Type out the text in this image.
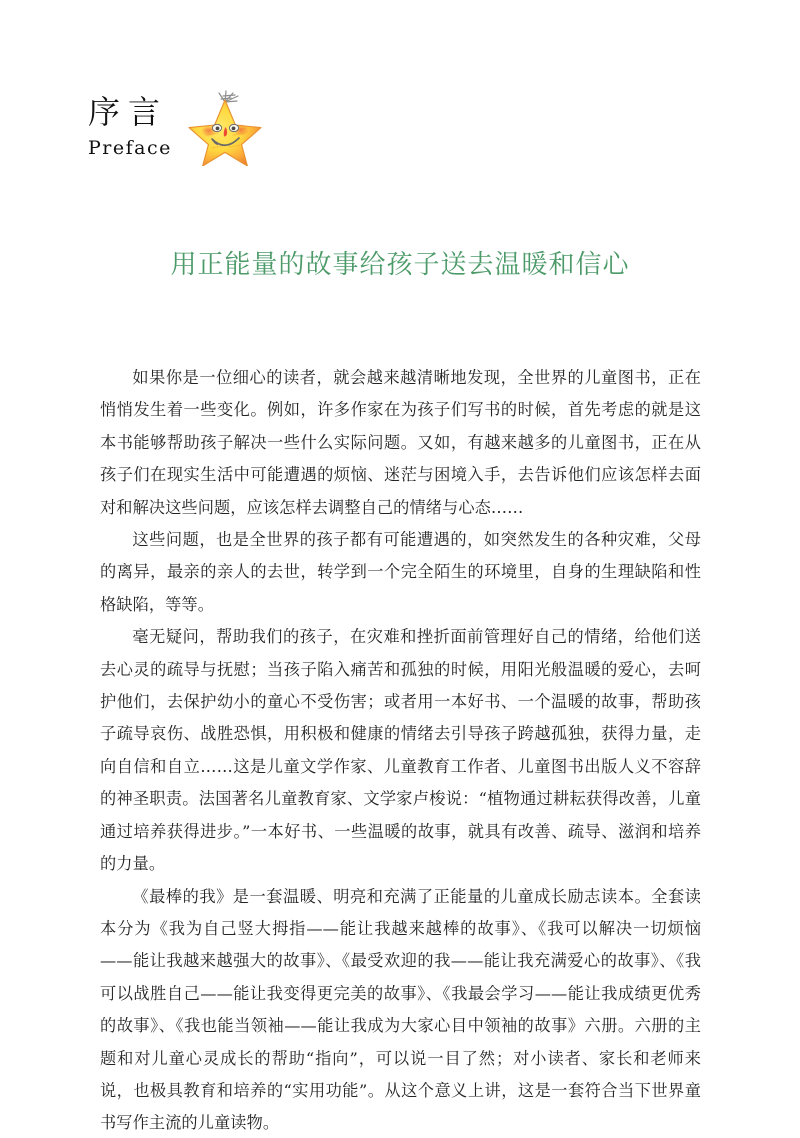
序言
Preface
用正能量的故事给孩子送去温暖和信心

如果你是一位细心的读者，就会越来越清晰地发现，全世界的儿童图书，正在悄悄发生着一些变化。例如，许多作家在为孩子们写书的时候，首先考虑的就是这本书能够帮助孩子解决一些什么实际问题。又如，有越来越多的儿童图书，正在从孩子们在现实生活中可能遭遇的烦恼、迷茫与困境入手，去告诉他们应该怎样去面对和解决这些问题，应该怎样去调整自己的情绪与心态……

这些问题，也是全世界的孩子都有可能遭遇的，如突然发生的各种灾难，父母的离异，最亲的亲人的去世，转学到一个完全陌生的环境里，自身的生理缺陷和性格缺陷，等等。

毫无疑问，帮助我们的孩子，在灾难和挫折面前管理好自己的情绪，给他们送去心灵的疏导与抚慰；当孩子陷入痛苦和孤独的时候，用阳光般温暖的爱心，去呵护他们，去保护幼小的童心不受伤害；或者用一本好书、一个温暖的故事，帮助孩子疏导哀伤、战胜恐惧，用积极和健康的情绪去引导孩子跨越孤独，获得力量，走向自信和自立……这是儿童文学作家、儿童教育工作者、儿童图书出版人义不容辞的神圣职责。法国著名儿童教育家、文学家卢梭说：“植物通过耕耘获得改善，儿童通过培养获得进步。”一本好书、一些温暖的故事，就具有改善、疏导、滋润和培养的力量。

《最棒的我》是一套温暖、明亮和充满了正能量的儿童成长励志读本。全套读本分为《我为自己竖大拇指——能让我越来越棒的故事》、《我可以解决一切烦恼——能让我越来越强大的故事》、《最受欢迎的我——能让我充满爱心的故事》、《我可以战胜自己——能让我变得更完美的故事》、《我最会学习——能让我成绩更优秀的故事》、《我也能当领袖——能让我成为大家心目中领袖的故事》六册。六册的主题和对儿童心灵成长的帮助“指向”，可以说一目了然；对小读者、家长和老师来说，也极具教育和培养的“实用功能”。从这个意义上讲，这是一套符合当下世界童书写作主流的儿童读物。
